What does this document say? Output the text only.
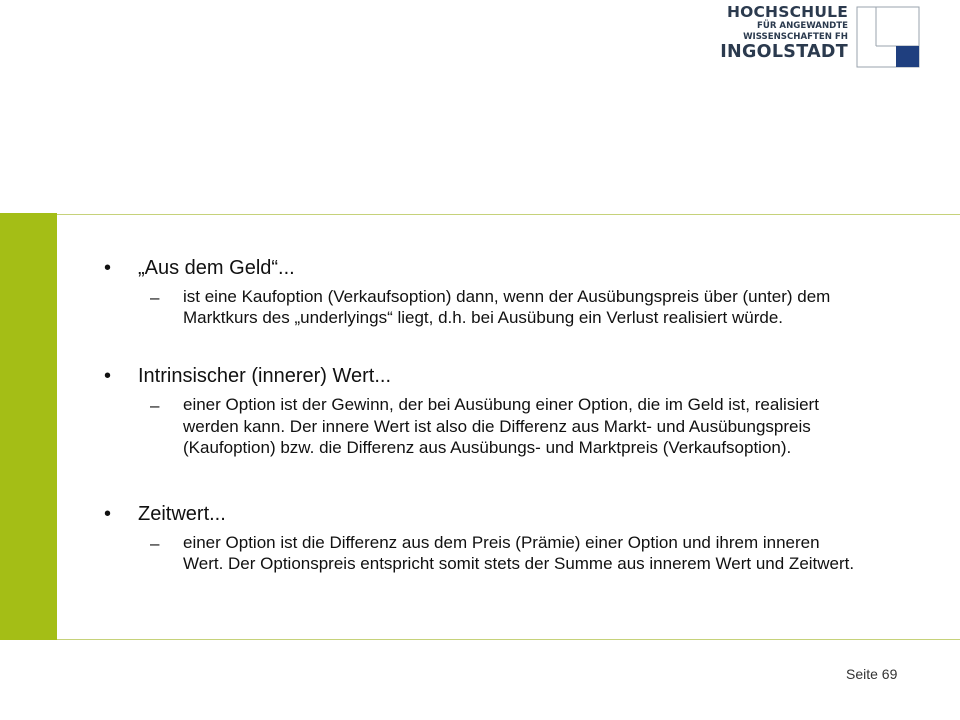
HOCHSCHULE
FÜR ANGEWANDTE
WISSENSCHAFTEN FH
INGOLSTADT
• „Aus dem Geld“...
– ist eine Kaufoption (Verkaufsoption) dann, wenn der Ausübungspreis über (unter) dem Marktkurs des „underlyings“ liegt, d.h. bei Ausübung ein Verlust realisiert würde.
• Intrinsischer (innerer) Wert...
– einer Option ist der Gewinn, der bei Ausübung einer Option, die im Geld ist, realisiert werden kann. Der innere Wert ist also die Differenz aus Markt- und Ausübungspreis (Kaufoption) bzw. die Differenz aus Ausübungs- und Marktpreis (Verkaufsoption).
• Zeitwert...
– einer Option ist die Differenz aus dem Preis (Prämie) einer Option und ihrem inneren Wert. Der Optionspreis entspricht somit stets der Summe aus innerem Wert und Zeitwert.
Seite 69
